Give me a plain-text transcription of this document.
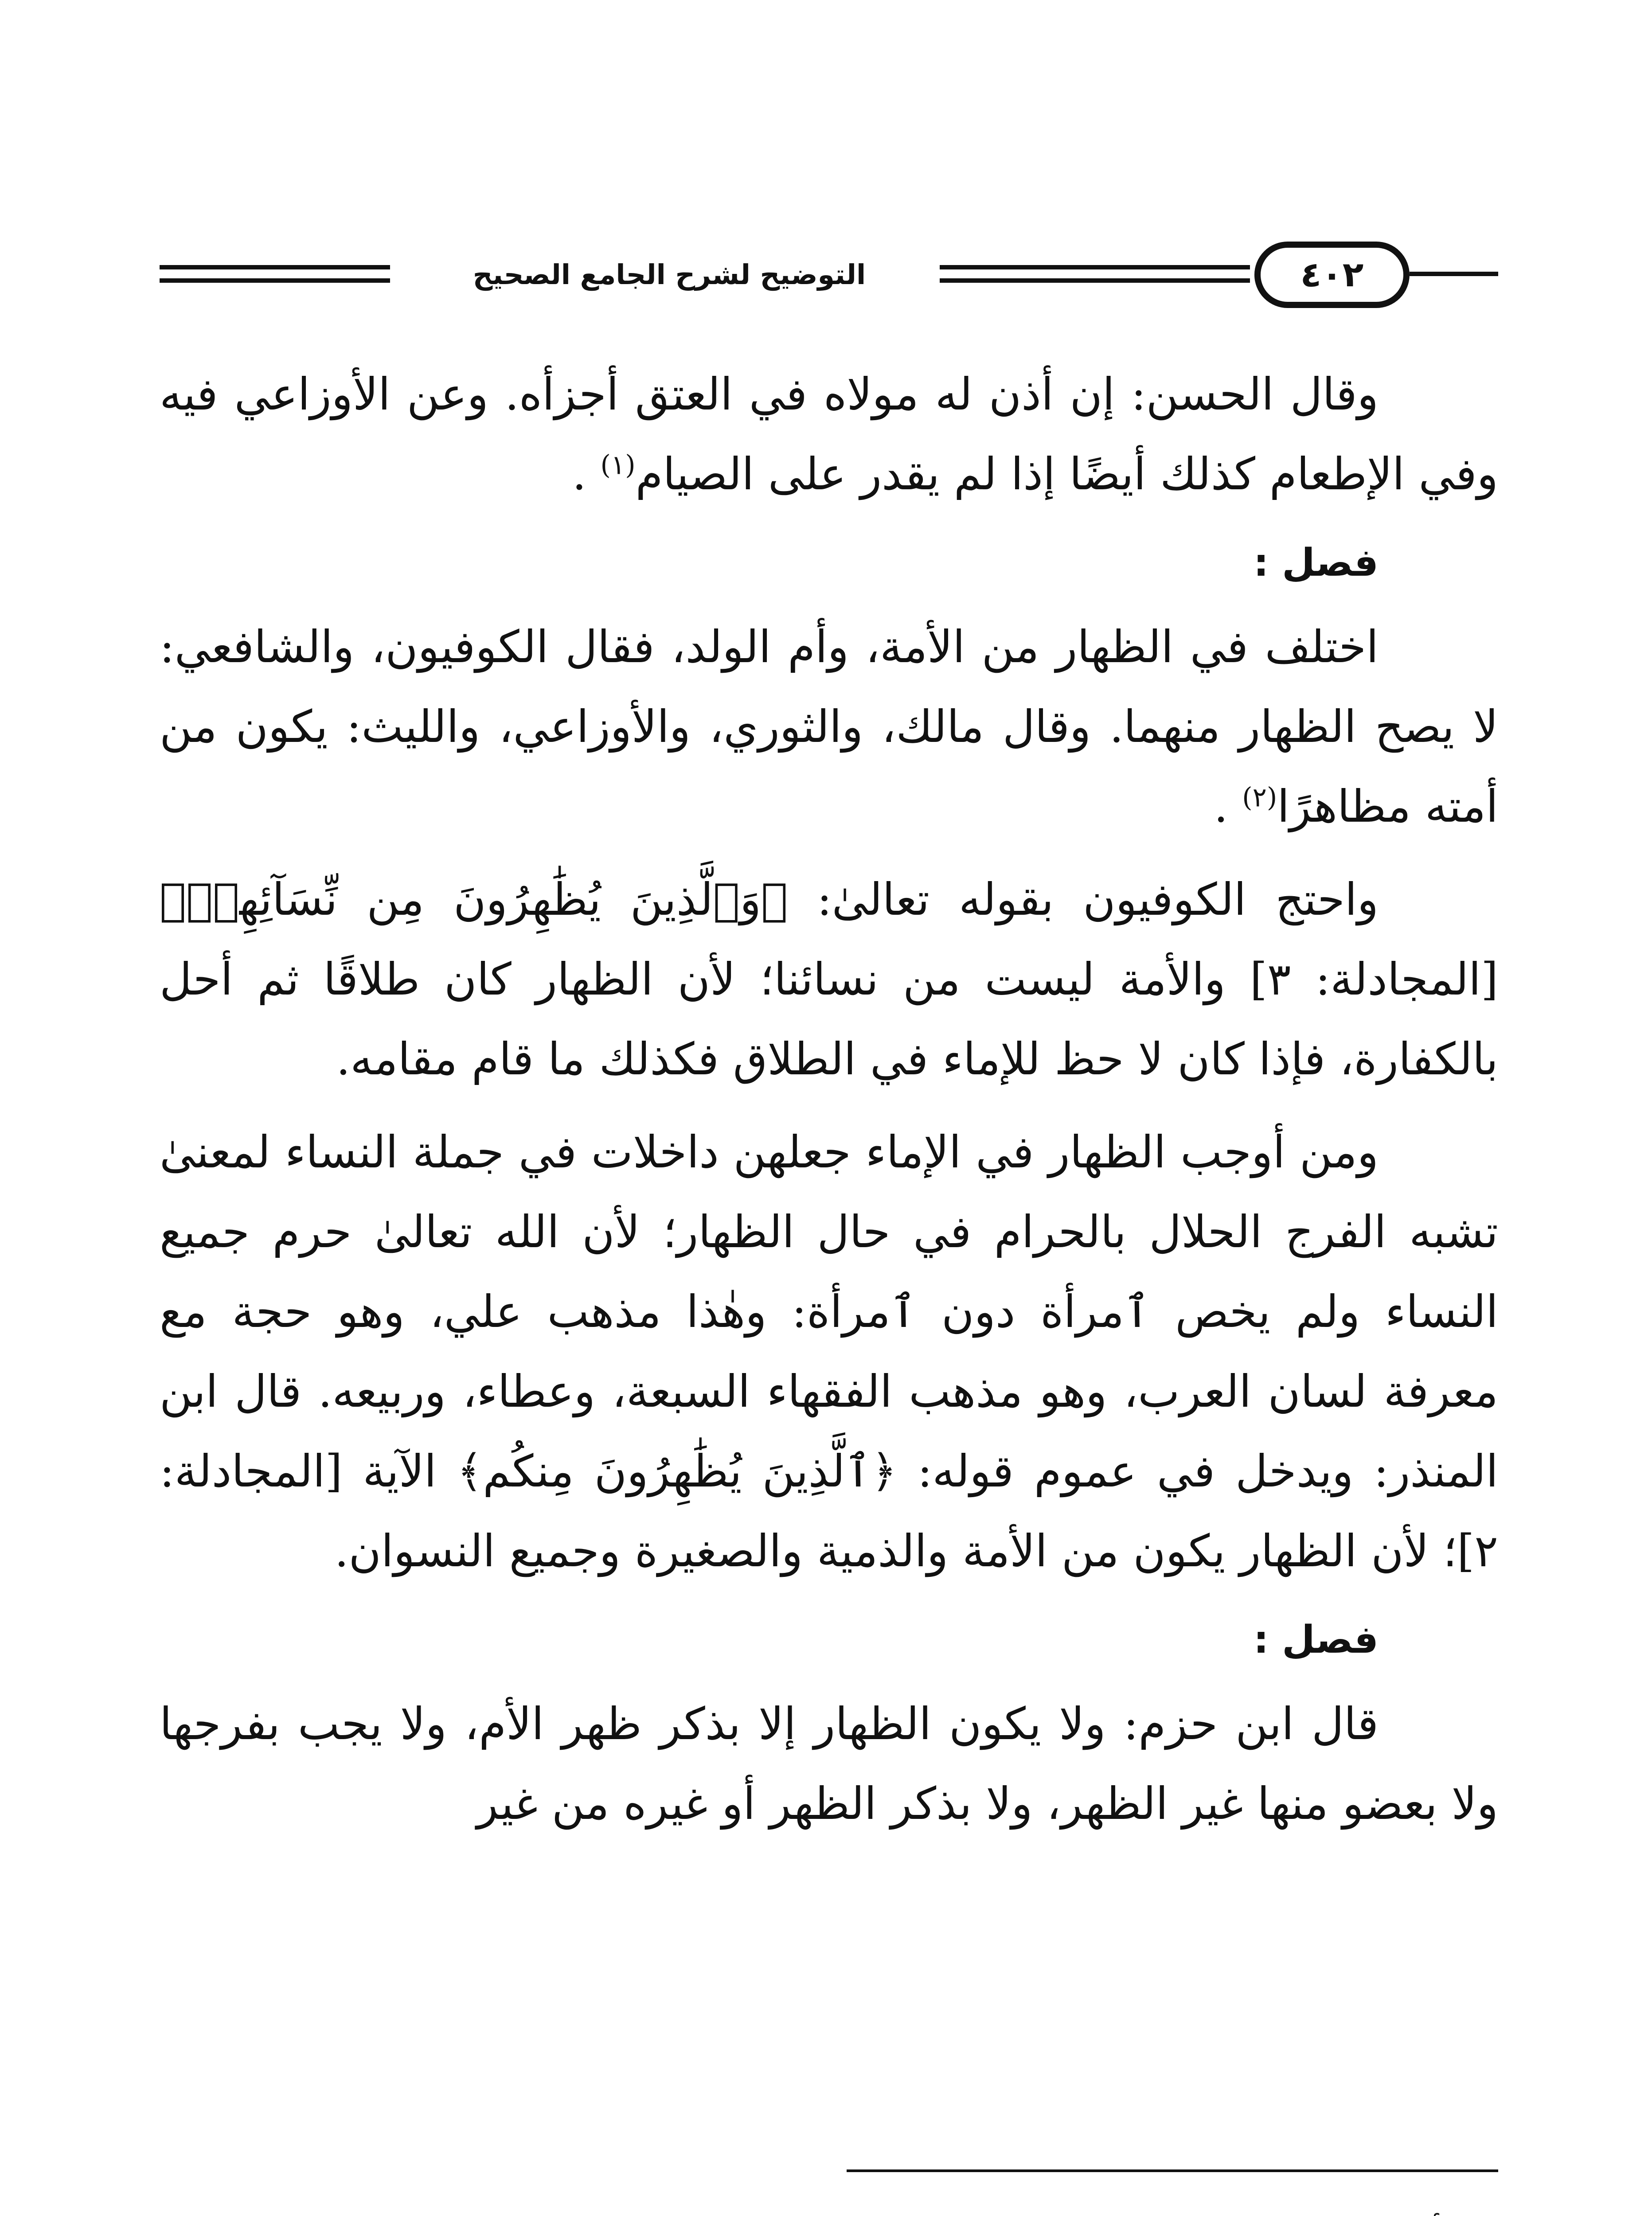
التوضيح لشرح الجامع الصحيح	٤٠٢

وقال الحسن: إن أذن له مولاه في العتق أجزأه. وعن الأوزاعي فيه وفي الإطعام كذلك أيضًا إذا لم يقدر على الصيام$^{(١)}$ .

فصل :

اختلف في الظهار من الأمة، وأم الولد، فقال الكوفيون، والشافعي: لا يصح الظهار منهما. وقال مالك، والثوري، والأوزاعي، والليث: يكون من أمته مظاهرًا$^{(٢)}$ .

واحتج الكوفيون بقوله تعالىٰ: ﴿وَٱلَّذِينَ يُظَٰهِرُونَ مِن نِّسَآئِهِمۡ﴾ [المجادلة: ٣] والأمة ليست من نسائنا؛ لأن الظهار كان طلاقًا ثم أحل بالكفارة، فإذا كان لا حظ للإماء في الطلاق فكذلك ما قام مقامه.

ومن أوجب الظهار في الإماء جعلهن داخلات في جملة النساء لمعنىٰ تشبه الفرج الحلال بالحرام في حال الظهار؛ لأن الله تعالىٰ حرم جميع النساء ولم يخص ٱمرأة دون ٱمرأة: وهٰذا مذهب علي، وهو حجة مع معرفة لسان العرب، وهو مذهب الفقهاء السبعة، وعطاء، وربيعه. قال ابن المنذر: ويدخل في عموم قوله: ﴿ٱلَّذِينَ يُظَٰهِرُونَ مِنكُم﴾ الآية [المجادلة: ٢]؛ لأن الظهار يكون من الأمة والذمية والصغيرة وجميع النسوان.

فصل :

قال ابن حزم: ولا يكون الظهار إلا بذكر ظهر الأم، ولا يجب بفرجها ولا بعضو منها غير الظهر، ولا بذكر الظهر أو غيره من غير
